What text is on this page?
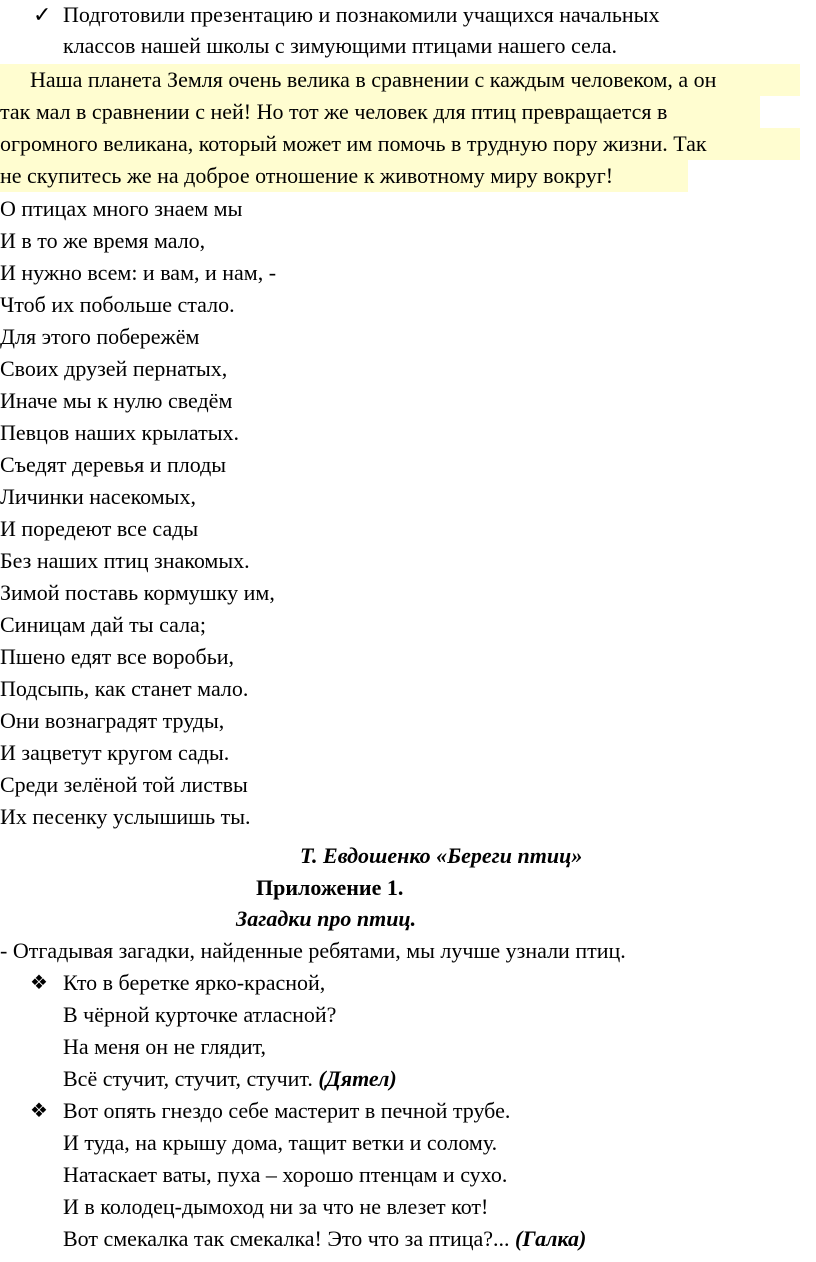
✓ Подготовили презентацию и познакомили учащихся начальных
классов нашей школы с зимующими птицами нашего села.
Наша планета Земля очень велика в сравнении с каждым человеком, а он
так мал в сравнении с ней! Но тот же человек для птиц превращается в
огромного великана, который может им помочь в трудную пору жизни. Так
не скупитесь же на доброе отношение к животному миру вокруг!
О птицах много знаем мы
И в то же время мало,
И нужно всем: и вам, и нам, -
Чтоб их побольше стало.
Для этого побережём
Своих друзей пернатых,
Иначе мы к нулю сведём
Певцов наших крылатых.
Съедят деревья и плоды
Личинки насекомых,
И поредеют все сады
Без наших птиц знакомых.
Зимой поставь кормушку им,
Синицам дай ты сала;
Пшено едят все воробьи,
Подсыпь, как станет мало.
Они вознаградят труды,
И зацветут кругом сады.
Среди зелёной той листвы
Их песенку услышишь ты.
Т. Евдошенко «Береги птиц»
Приложение 1.
Загадки про птиц.
- Отгадывая загадки, найденные ребятами, мы лучше узнали птиц.
❖ Кто в беретке ярко-красной,
В чёрной курточке атласной?
На меня он не глядит,
Всё стучит, стучит, стучит. (Дятел)
❖ Вот опять гнездо себе мастерит в печной трубе.
И туда, на крышу дома, тащит ветки и солому.
Натаскает ваты, пуха – хорошо птенцам и сухо.
И в колодец-дымоход ни за что не влезет кот!
Вот смекалка так смекалка! Это что за птица?... (Галка)
